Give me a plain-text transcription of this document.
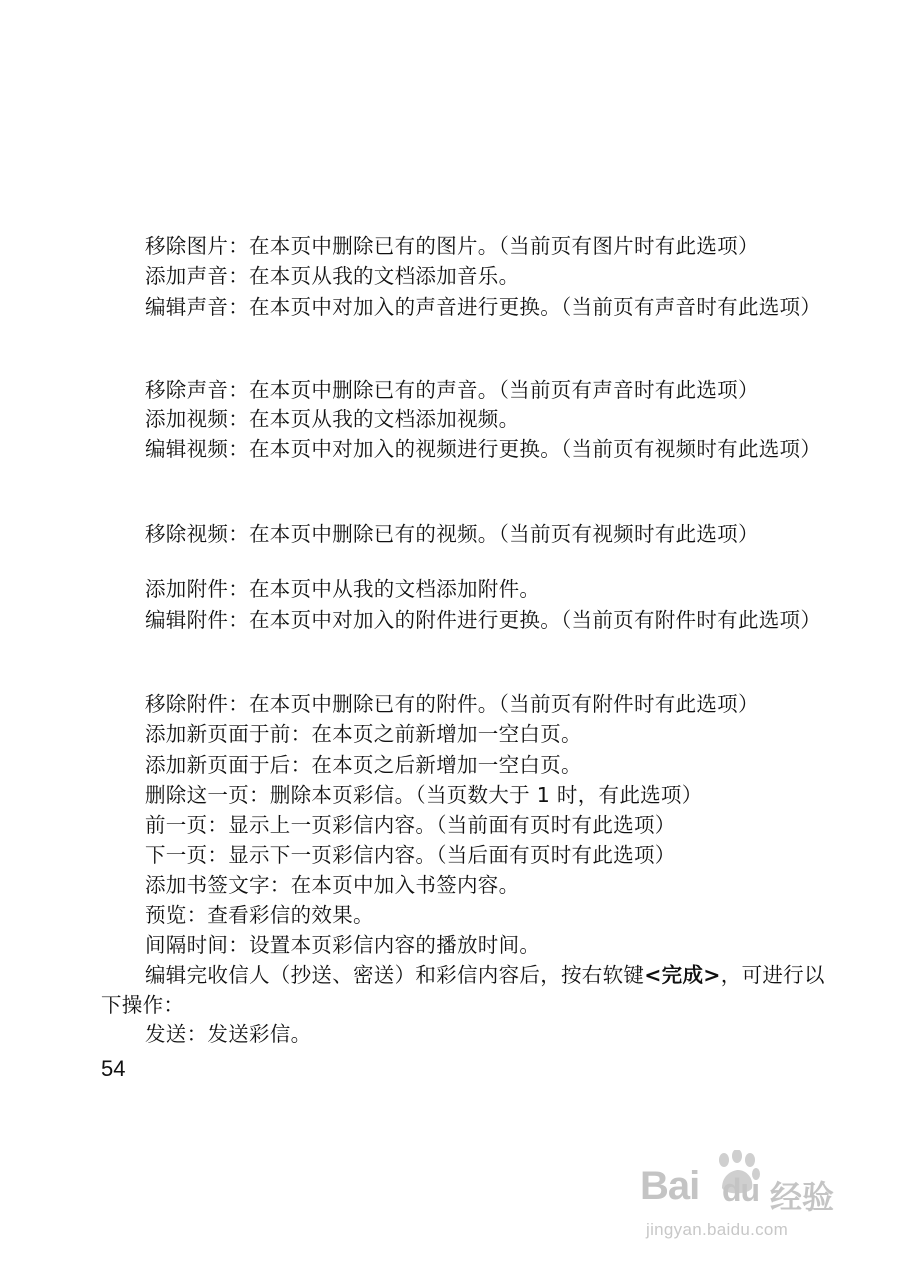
移除图片：在本页中删除已有的图片。（当前页有图片时有此选项）
添加声音：在本页从我的文档添加音乐。
编辑声音：在本页中对加入的声音进行更换。（当前页有声音时有此选项）
移除声音：在本页中删除已有的声音。（当前页有声音时有此选项）
添加视频：在本页从我的文档添加视频。
编辑视频：在本页中对加入的视频进行更换。（当前页有视频时有此选项）
移除视频：在本页中删除已有的视频。（当前页有视频时有此选项）
添加附件：在本页中从我的文档添加附件。
编辑附件：在本页中对加入的附件进行更换。（当前页有附件时有此选项）
移除附件：在本页中删除已有的附件。（当前页有附件时有此选项）
添加新页面于前：在本页之前新增加一空白页。
添加新页面于后：在本页之后新增加一空白页。
删除这一页：删除本页彩信。（当页数大于 1 时，有此选项）
前一页：显示上一页彩信内容。（当前面有页时有此选项）
下一页：显示下一页彩信内容。（当后面有页时有此选项）
添加书签文字：在本页中加入书签内容。
预览：查看彩信的效果。
间隔时间：设置本页彩信内容的播放时间。
编辑完收信人（抄送、密送）和彩信内容后，按右软键<完成>，可进行以下操作：
发送：发送彩信。
54
Bai du 经验
jingyan.baidu.com
